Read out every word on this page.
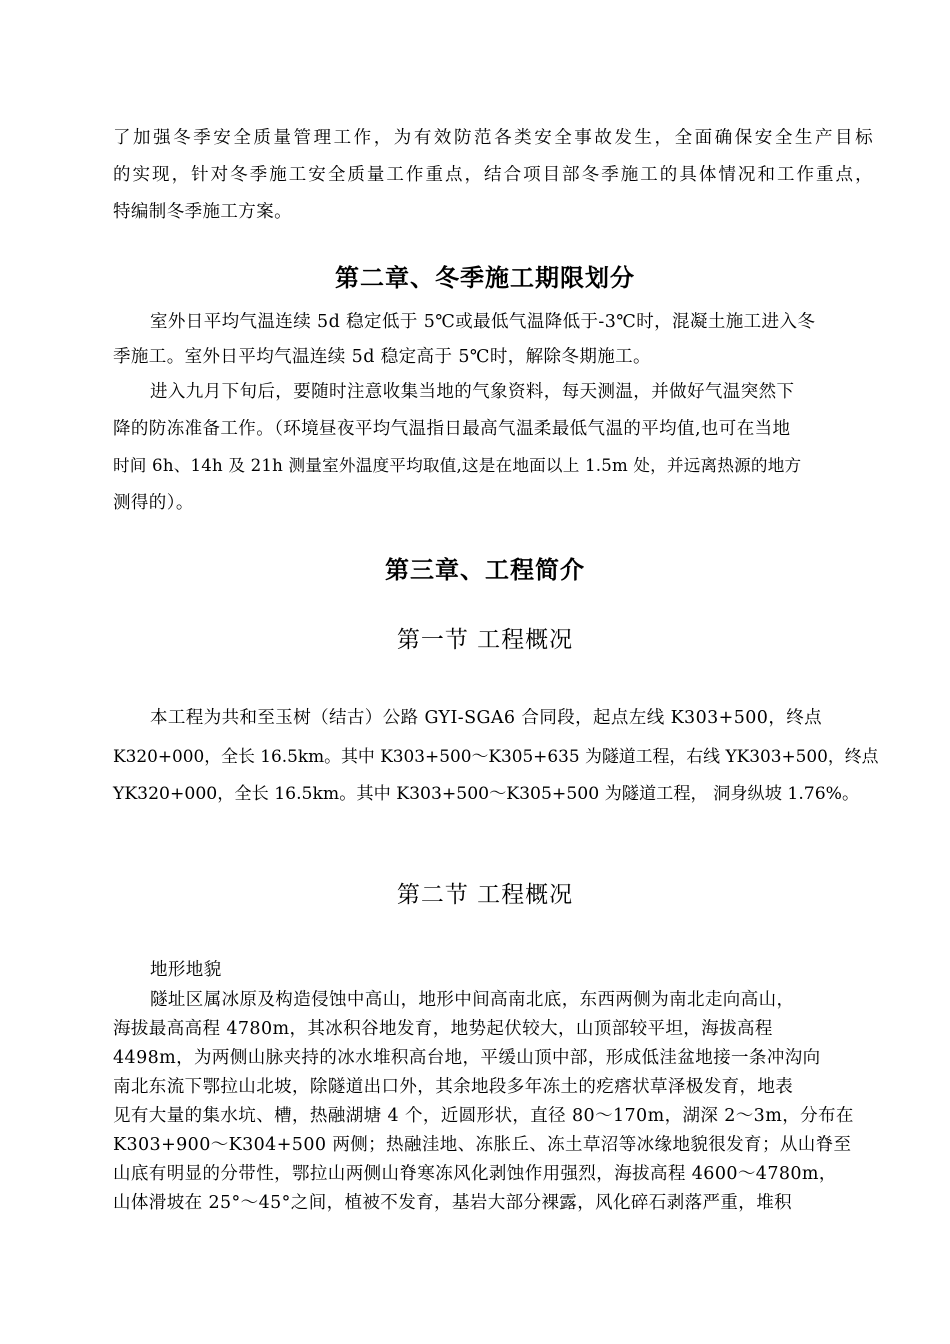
了加强冬季安全质量管理工作，为有效防范各类安全事故发生，全面确保安全生产目标
的实现，针对冬季施工安全质量工作重点，结合项目部冬季施工的具体情况和工作重点，
特编制冬季施工方案。
第二章、冬季施工期限划分
室外日平均气温连续 5d 稳定低于 5℃或最低气温降低于-3℃时，混凝土施工进入冬
季施工。室外日平均气温连续 5d 稳定高于 5℃时，解除冬期施工。
进入九月下旬后，要随时注意收集当地的气象资料，每天测温，并做好气温突然下
降的防冻准备工作。（环境昼夜平均气温指日最高气温柔最低气温的平均值,也可在当地
时间 6h、14h 及 21h 测量室外温度平均取值,这是在地面以上 1.5m 处，并远离热源的地方
测得的）。
第三章、工程简介
第一节 工程概况
本工程为共和至玉树（结古）公路 GYI-SGA6 合同段，起点左线 K303+500，终点
K320+000，全长 16.5km。其中 K303+500～K305+635 为隧道工程，右线 YK303+500，终点
YK320+000，全长 16.5km。其中 K303+500～K305+500 为隧道工程， 洞身纵坡 1.76%。
第二节 工程概况
地形地貌
隧址区属冰原及构造侵蚀中高山，地形中间高南北底，东西两侧为南北走向高山，
海拔最高高程 4780m，其冰积谷地发育，地势起伏较大，山顶部较平坦，海拔高程
4498m，为两侧山脉夹持的冰水堆积高台地，平缓山顶中部，形成低洼盆地接一条冲沟向
南北东流下鄂拉山北坡，除隧道出口外，其余地段多年冻土的疙瘩状草泽极发育，地表
见有大量的集水坑、槽，热融湖塘 4 个，近圆形状，直径 80～170m，湖深 2～3m，分布在
K303+900～K304+500 两侧；热融洼地、冻胀丘、冻土草沼等冰缘地貌很发育；从山脊至
山底有明显的分带性，鄂拉山两侧山脊寒冻风化剥蚀作用强烈，海拔高程 4600～4780m，
山体滑坡在 25°～45°之间，植被不发育，基岩大部分裸露，风化碎石剥落严重，堆积
